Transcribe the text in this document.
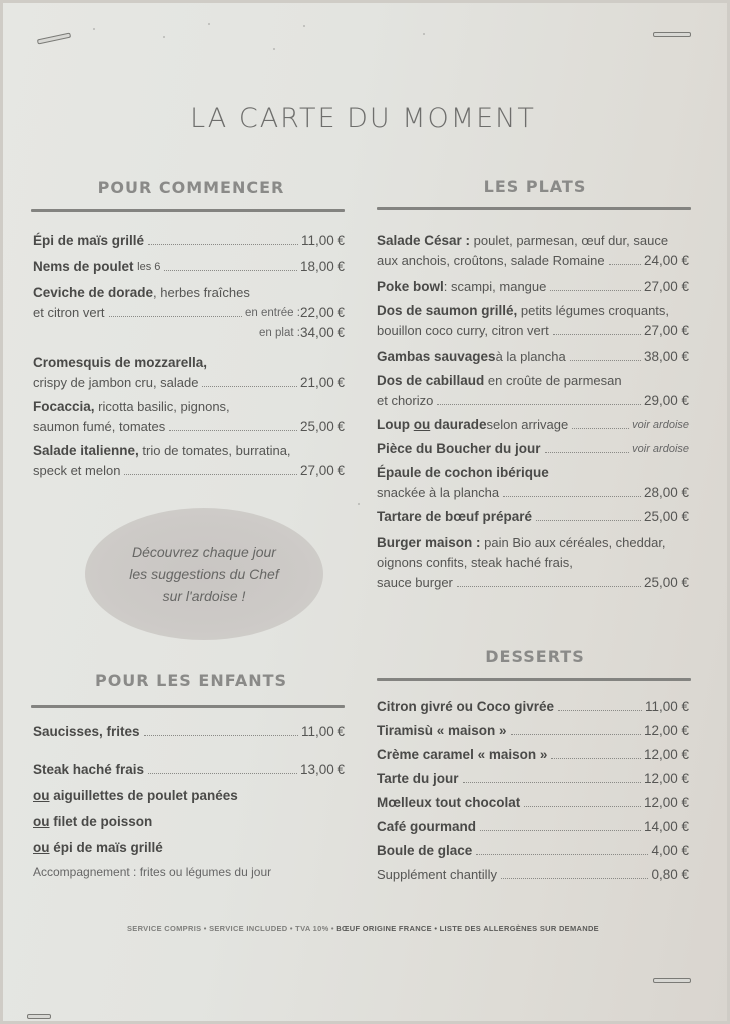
LA CARTE DU MOMENT
POUR COMMENCER
Épi de maïs grillé	11,00 €
Nems de poulet
les 6	18,00 €
Ceviche de dorade, herbes fraîches
et citron vert	en entrée : 22,00 €
en plat : 34,00 €
Cromesquis de mozzarella,
crispy de jambon cru, salade	21,00 €
Focaccia, ricotta basilic, pignons,
saumon fumé, tomates	25,00 €
Salade italienne, trio de tomates, burratina,
speck et melon	27,00 €
Découvrez chaque jour
les suggestions du Chef
sur l'ardoise !
POUR LES ENFANTS
Saucisses, frites	11,00 €
Steak haché frais	13,00 €
ou aiguillettes de poulet panées
ou filet de poisson
ou épi de maïs grillé
Accompagnement : frites ou légumes du jour
LES PLATS
Salade César : poulet, parmesan, œuf dur, sauce
aux anchois, croûtons, salade Romaine	24,00 €
Poke bowl : scampi, mangue	27,00 €
Dos de saumon grillé, petits légumes croquants,
bouillon coco curry, citron vert	27,00 €
Gambas sauvages à la plancha	38,00 €
Dos de cabillaud en croûte de parmesan
et chorizo	29,00 €
Loup ou daurade selon arrivage	voir ardoise
Pièce du Boucher du jour	voir ardoise
Épaule de cochon ibérique
snackée à la plancha	28,00 €
Tartare de bœuf préparé	25,00 €
Burger maison : pain Bio aux céréales, cheddar,
oignons confits, steak haché frais,
sauce burger	25,00 €
DESSERTS
Citron givré ou Coco givrée	11,00 €
Tiramisù « maison »	12,00 €
Crème caramel « maison »	12,00 €
Tarte du jour	12,00 €
Mœlleux tout chocolat	12,00 €
Café gourmand	14,00 €
Boule de glace	4,00 €
Supplément chantilly	0,80 €
SERVICE COMPRIS • SERVICE INCLUDED • TVA 10% • BŒUF ORIGINE FRANCE • LISTE DES ALLERGÈNES SUR DEMANDE
